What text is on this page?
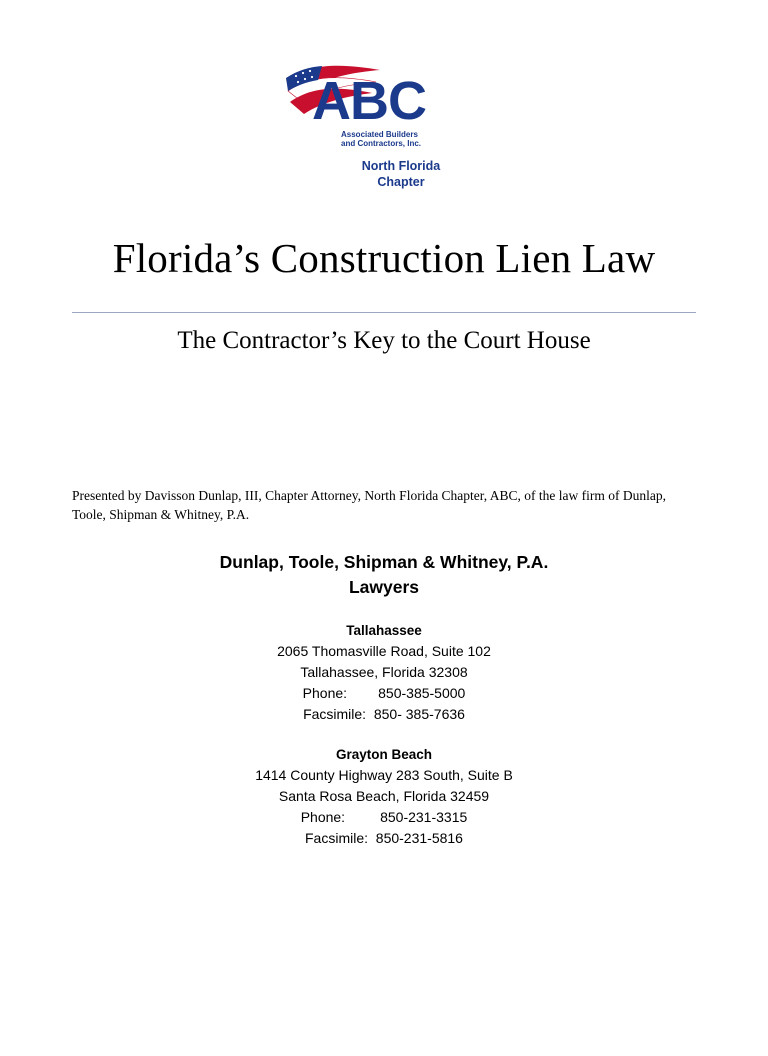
ABC
Associated Builders
and Contractors, Inc.
North Florida
Chapter
Florida’s Construction Lien Law
The Contractor’s Key to the Court House
Presented by Davisson Dunlap, III, Chapter Attorney, North Florida Chapter, ABC, of the law firm of Dunlap, Toole, Shipman & Whitney, P.A.
Dunlap, Toole, Shipman & Whitney, P.A.
Lawyers
Tallahassee
2065 Thomasville Road, Suite 102
Tallahassee, Florida 32308
Phone:        850-385-5000
Facsimile:  850- 385-7636
Grayton Beach
1414 County Highway 283 South, Suite B
Santa Rosa Beach, Florida 32459
Phone:         850-231-3315
Facsimile:  850-231-5816
